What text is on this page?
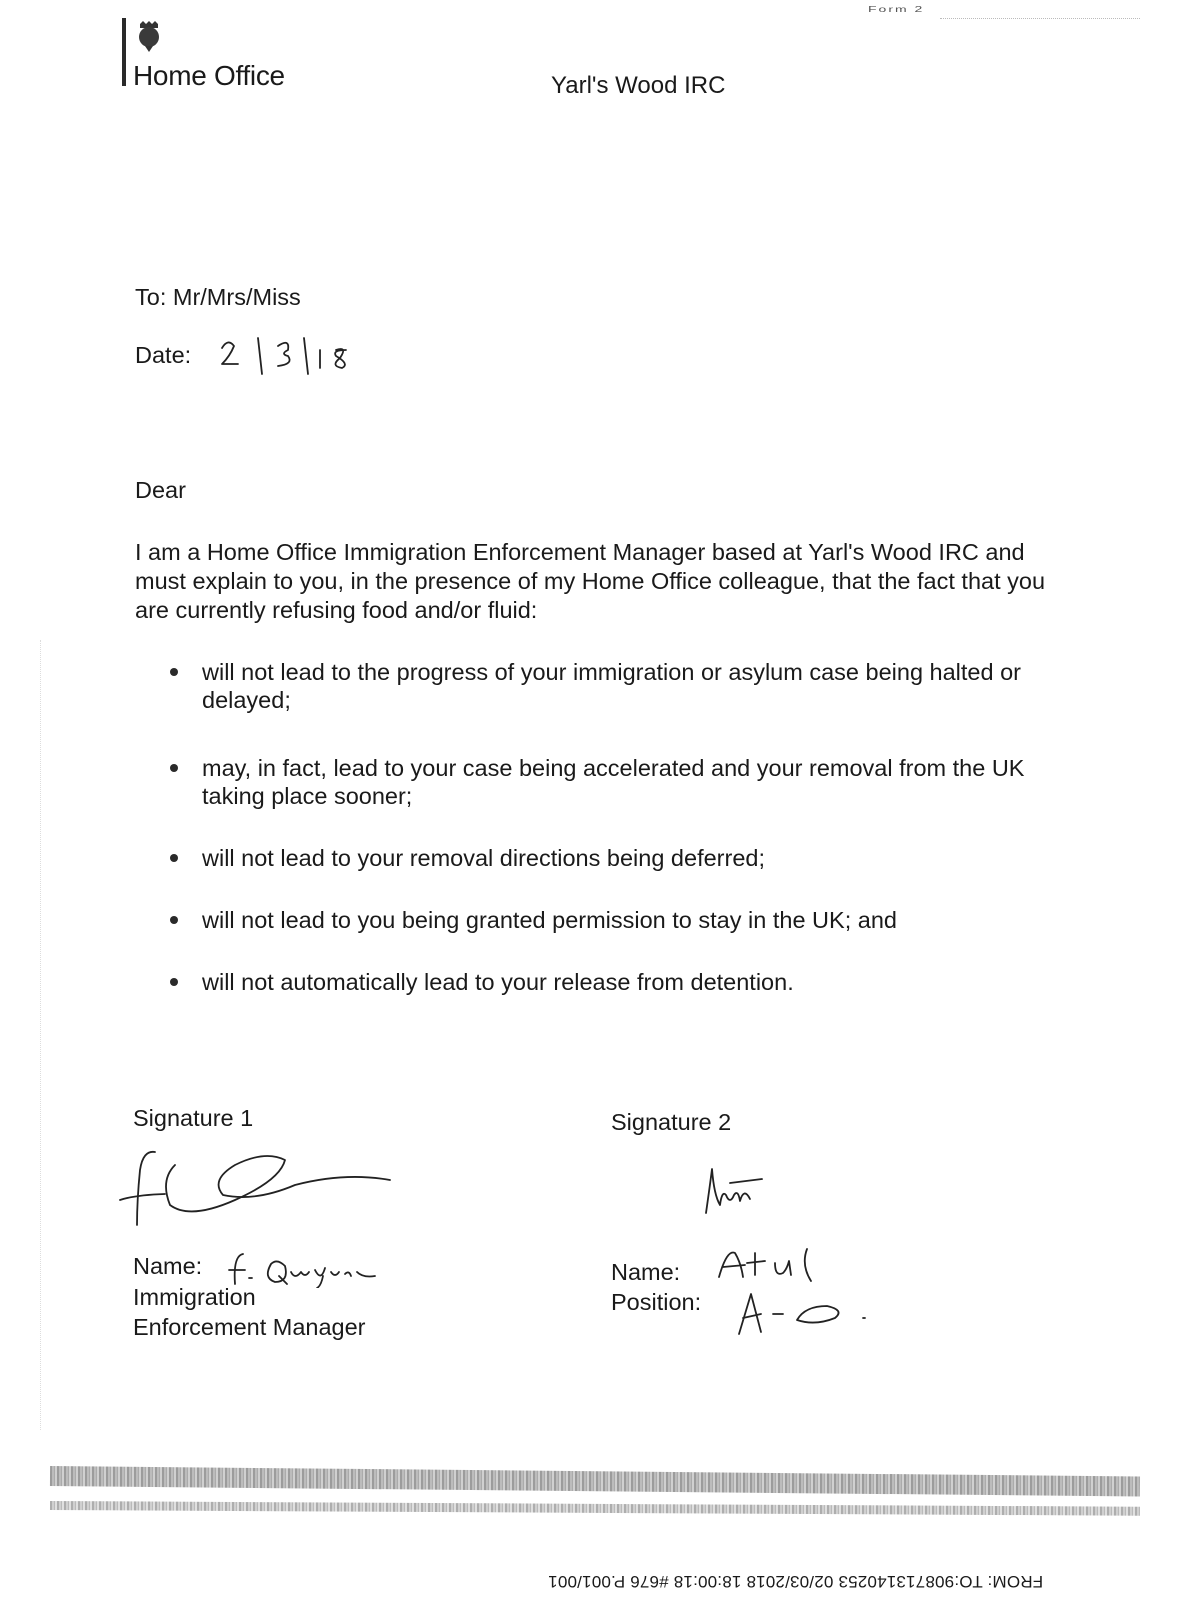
Home Office
Form 2
Yarl's Wood IRC
To: Mr/Mrs/Miss
Date:
Dear
I am a Home Office Immigration Enforcement Manager based at Yarl's Wood IRC and must explain to you, in the presence of my Home Office colleague, that the fact that you are currently refusing food and/or fluid:
will not lead to the progress of your immigration or asylum case being halted or delayed;
may, in fact, lead to your case being accelerated and your removal from the UK taking place sooner;
will not lead to your removal directions being deferred;
will not lead to you being granted permission to stay in the UK; and
will not automatically lead to your release from detention.
Signature 1	Signature 2
Name:
Immigration
Enforcement Manager
Name:
Position:
FROM: TO:908713140253 02/03/2018 18:00:18 #676 P.001/001
